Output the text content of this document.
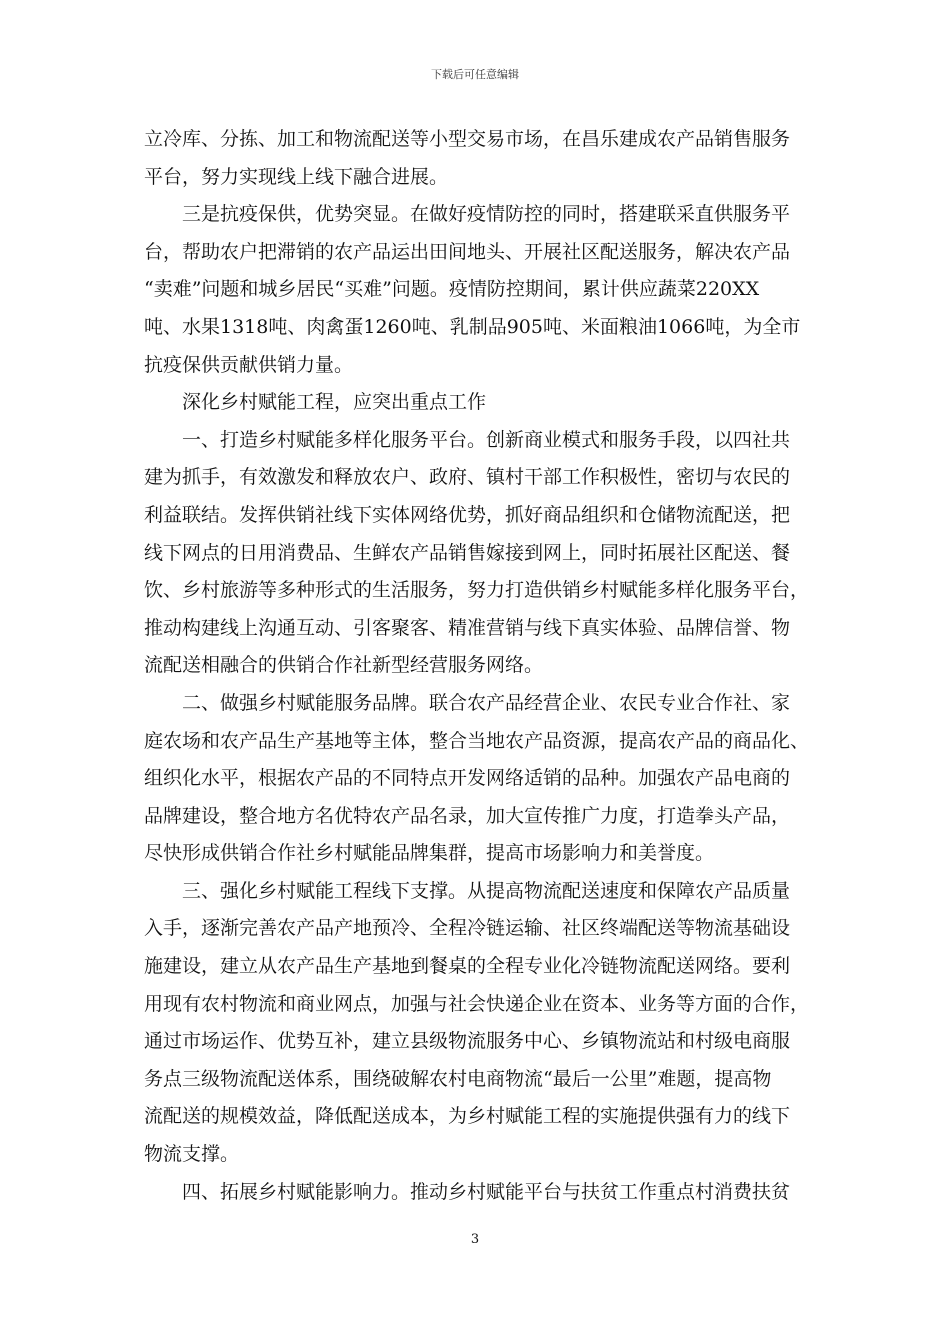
下载后可任意编辑
立冷库、分拣、加工和物流配送等小型交易市场，在昌乐建成农产品销售服务
平台，努力实现线上线下融合进展。
三是抗疫保供，优势突显。在做好疫情防控的同时，搭建联采直供服务平
台，帮助农户把滞销的农产品运出田间地头、开展社区配送服务，解决农产品
“卖难”问题和城乡居民“买难”问题。疫情防控期间，累计供应蔬菜220XX
吨、水果1318吨、肉禽蛋1260吨、乳制品905吨、米面粮油1066吨，为全市
抗疫保供贡献供销力量。
深化乡村赋能工程，应突出重点工作
一、打造乡村赋能多样化服务平台。创新商业模式和服务手段，以四社共
建为抓手，有效激发和释放农户、政府、镇村干部工作积极性，密切与农民的
利益联结。发挥供销社线下实体网络优势，抓好商品组织和仓储物流配送，把
线下网点的日用消费品、生鲜农产品销售嫁接到网上，同时拓展社区配送、餐
饮、乡村旅游等多种形式的生活服务，努力打造供销乡村赋能多样化服务平台，
推动构建线上沟通互动、引客聚客、精准营销与线下真实体验、品牌信誉、物
流配送相融合的供销合作社新型经营服务网络。
二、做强乡村赋能服务品牌。联合农产品经营企业、农民专业合作社、家
庭农场和农产品生产基地等主体，整合当地农产品资源，提高农产品的商品化、
组织化水平，根据农产品的不同特点开发网络适销的品种。加强农产品电商的
品牌建设，整合地方名优特农产品名录，加大宣传推广力度，打造拳头产品，
尽快形成供销合作社乡村赋能品牌集群，提高市场影响力和美誉度。
三、强化乡村赋能工程线下支撑。从提高物流配送速度和保障农产品质量
入手，逐渐完善农产品产地预冷、全程冷链运输、社区终端配送等物流基础设
施建设，建立从农产品生产基地到餐桌的全程专业化冷链物流配送网络。要利
用现有农村物流和商业网点，加强与社会快递企业在资本、业务等方面的合作，
通过市场运作、优势互补，建立县级物流服务中心、乡镇物流站和村级电商服
务点三级物流配送体系，围绕破解农村电商物流“最后一公里”难题，提高物
流配送的规模效益，降低配送成本，为乡村赋能工程的实施提供强有力的线下
物流支撑。
四、拓展乡村赋能影响力。推动乡村赋能平台与扶贫工作重点村消费扶贫
3
